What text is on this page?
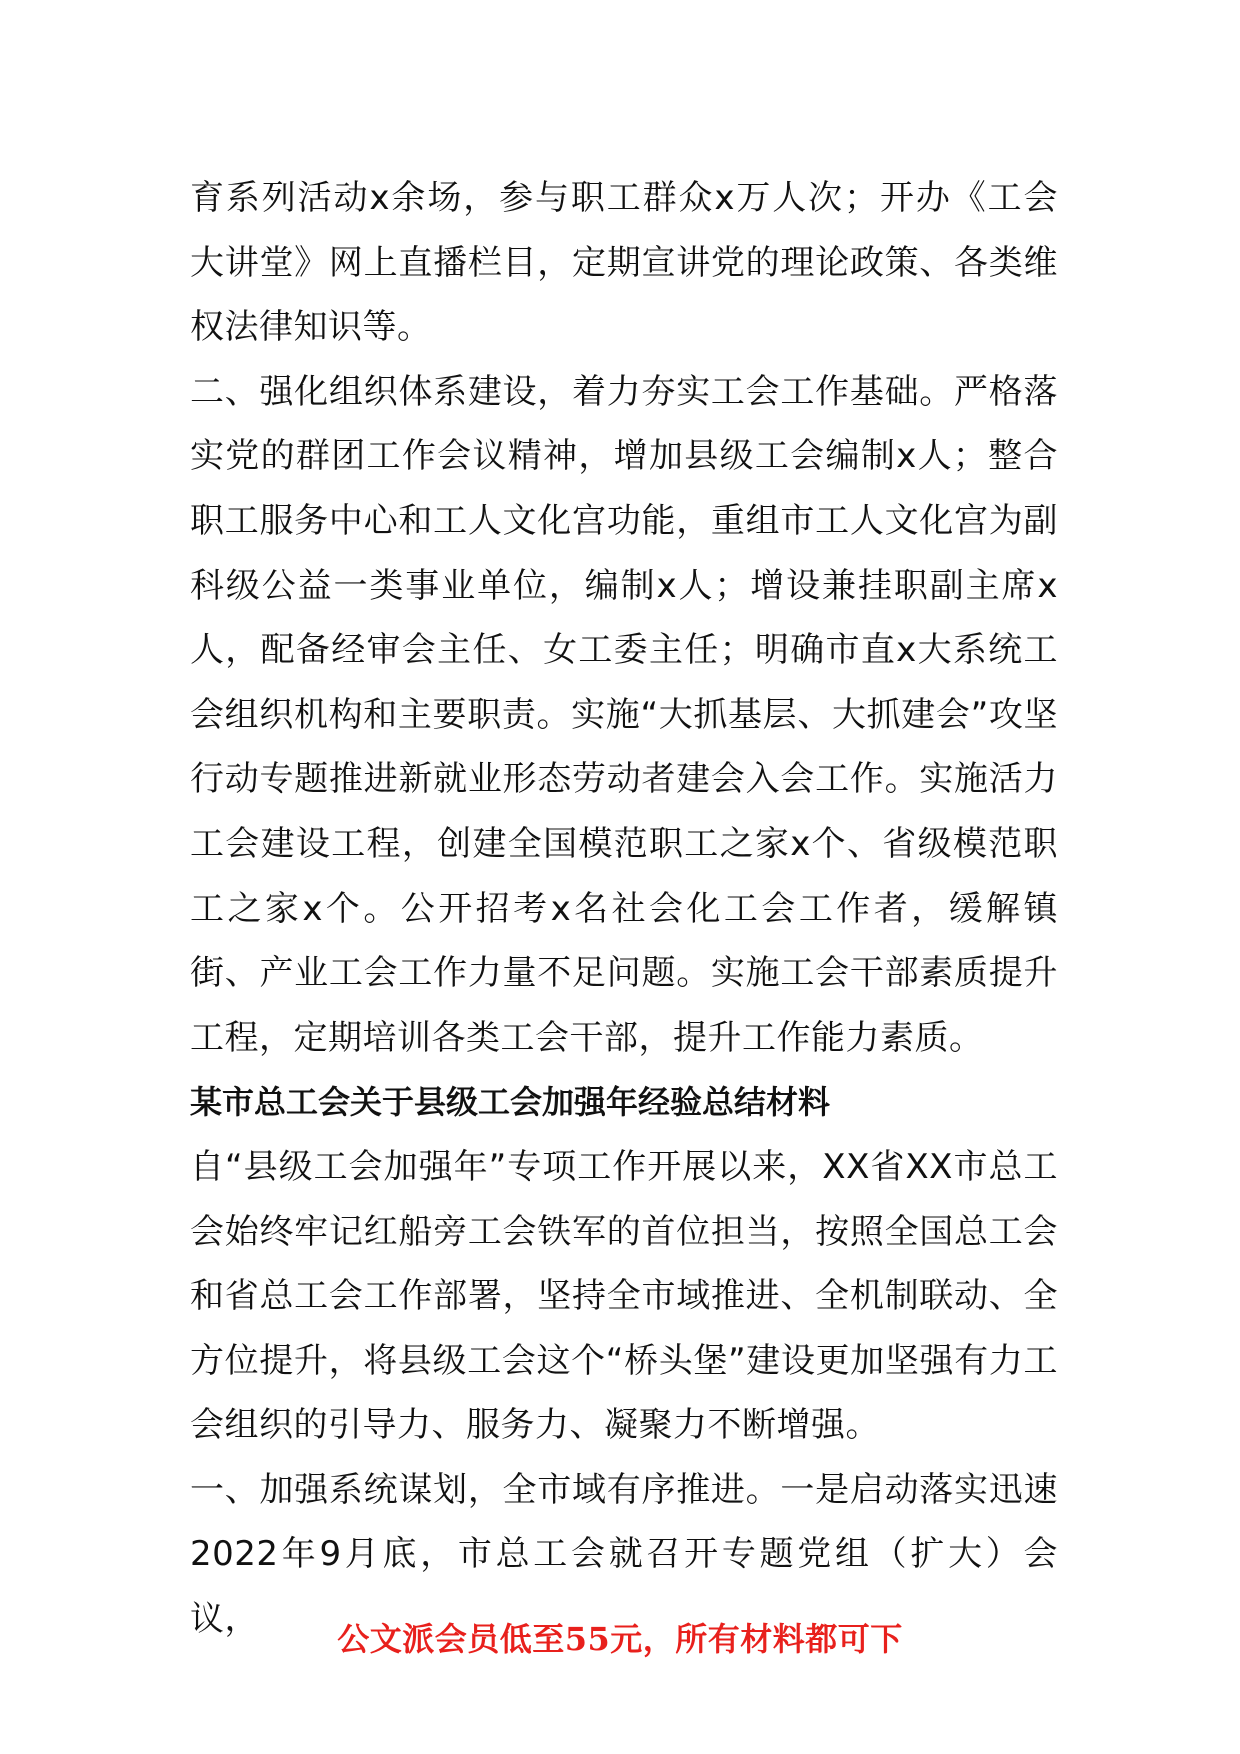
育系列活动x余场，参与职工群众x万人次；开办《工会大讲堂》网上直播栏目，定期宣讲党的理论政策、各类维权法律知识等。

二、强化组织体系建设，着力夯实工会工作基础。严格落实党的群团工作会议精神，增加县级工会编制x人；整合职工服务中心和工人文化宫功能，重组市工人文化宫为副科级公益一类事业单位，编制x人；增设兼挂职副主席x人，配备经审会主任、女工委主任；明确市直x大系统工会组织机构和主要职责。实施“大抓基层、大抓建会”攻坚行动专题推进新就业形态劳动者建会入会工作。实施活力工会建设工程，创建全国模范职工之家x个、省级模范职工之家x个。公开招考x名社会化工会工作者，缓解镇街、产业工会工作力量不足问题。实施工会干部素质提升工程，定期培训各类工会干部，提升工作能力素质。

某市总工会关于县级工会加强年经验总结材料

自“县级工会加强年”专项工作开展以来，XX省XX市总工会始终牢记红船旁工会铁军的首位担当，按照全国总工会和省总工会工作部署，坚持全市域推进、全机制联动、全方位提升，将县级工会这个“桥头堡”建设更加坚强有力工会组织的引导力、服务力、凝聚力不断增强。

一、加强系统谋划，全市域有序推进。一是启动落实迅速2022年9月底，市总工会就召开专题党组（扩大）会议，	公文派会员低至55元，所有材料都可下
